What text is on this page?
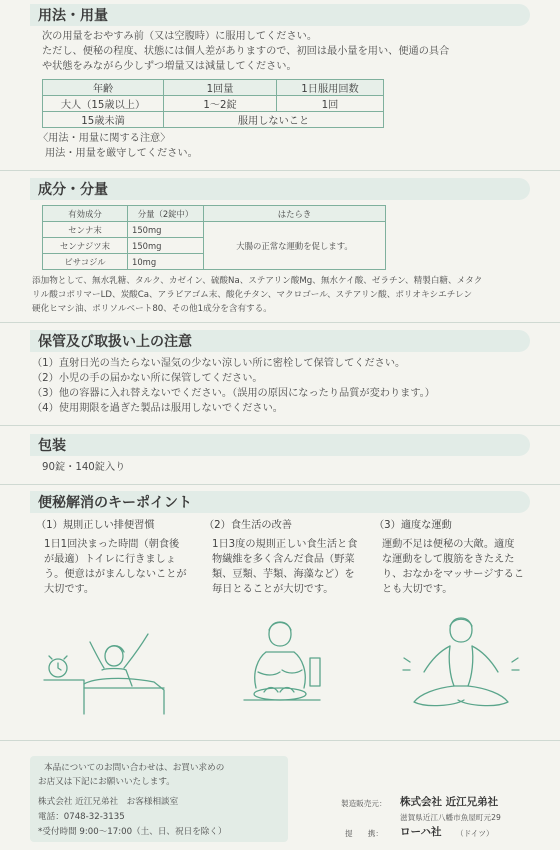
用法・用量
次の用量をおやすみ前（又は空腹時）に服用してください。
ただし、便秘の程度、状態には個人差がありますので、初回は最小量を用い、便通の具合
や状態をみながら少しずつ増量又は減量してください。
年齢	1回量	1日服用回数
大人（15歳以上）	1〜2錠	1回
15歳未満	服用しないこと	
〈用法・用量に関する注意〉
用法・用量を厳守してください。
成分・分量
有効成分	分量（2錠中）	はたらき
センナ末	150mg	大腸の正常な運動を促します。
センナジツ末	150mg	
ビサコジル	10mg	
添加物として、無水乳糖、タルク、カゼイン、硫酸Na、ステアリン酸Mg、無水ケイ酸、ゼラチン、精製白糖、メタク
リル酸コポリマーLD、炭酸Ca、アラビアゴム末、酸化チタン、マクロゴール、ステアリン酸、ポリオキシエチレン
硬化ヒマシ油、ポリソルベート80、その他1成分を含有する。
保管及び取扱い上の注意
（1）直射日光の当たらない湿気の少ない涼しい所に密栓して保管してください。
（2）小児の手の届かない所に保管してください。
（3）他の容器に入れ替えないでください。（誤用の原因になったり品質が変わります。）
（4）使用期限を過ぎた製品は服用しないでください。
包装
90錠・140錠入り
便秘解消のキーポイント
（1）規則正しい排便習慣
1日1回決まった時間（朝食後が最適）トイレに行きましょう。便意はがまんしないことが大切です。
（2）食生活の改善
1日3度の規則正しい食生活と食物繊維を多く含んだ食品（野菜類、豆類、芋類、海藻など）を毎日とることが大切です。
（3）適度な運動
運動不足は便秘の大敵。適度な運動をして腹筋をきたえたり、おなかをマッサージすることも大切です。
本品についてのお問い合わせは、お買い求めの
お店又は下記にお願いいたします。
株式会社 近江兄弟社　お客様相談室
電話：0748-32-3135
*受付時間 9:00〜17:00（土、日、祝日を除く）
製造販売元： 株式会社 近江兄弟社
滋賀県近江八幡市魚屋町元29
提　　携： ローハ社 （ドイツ）
